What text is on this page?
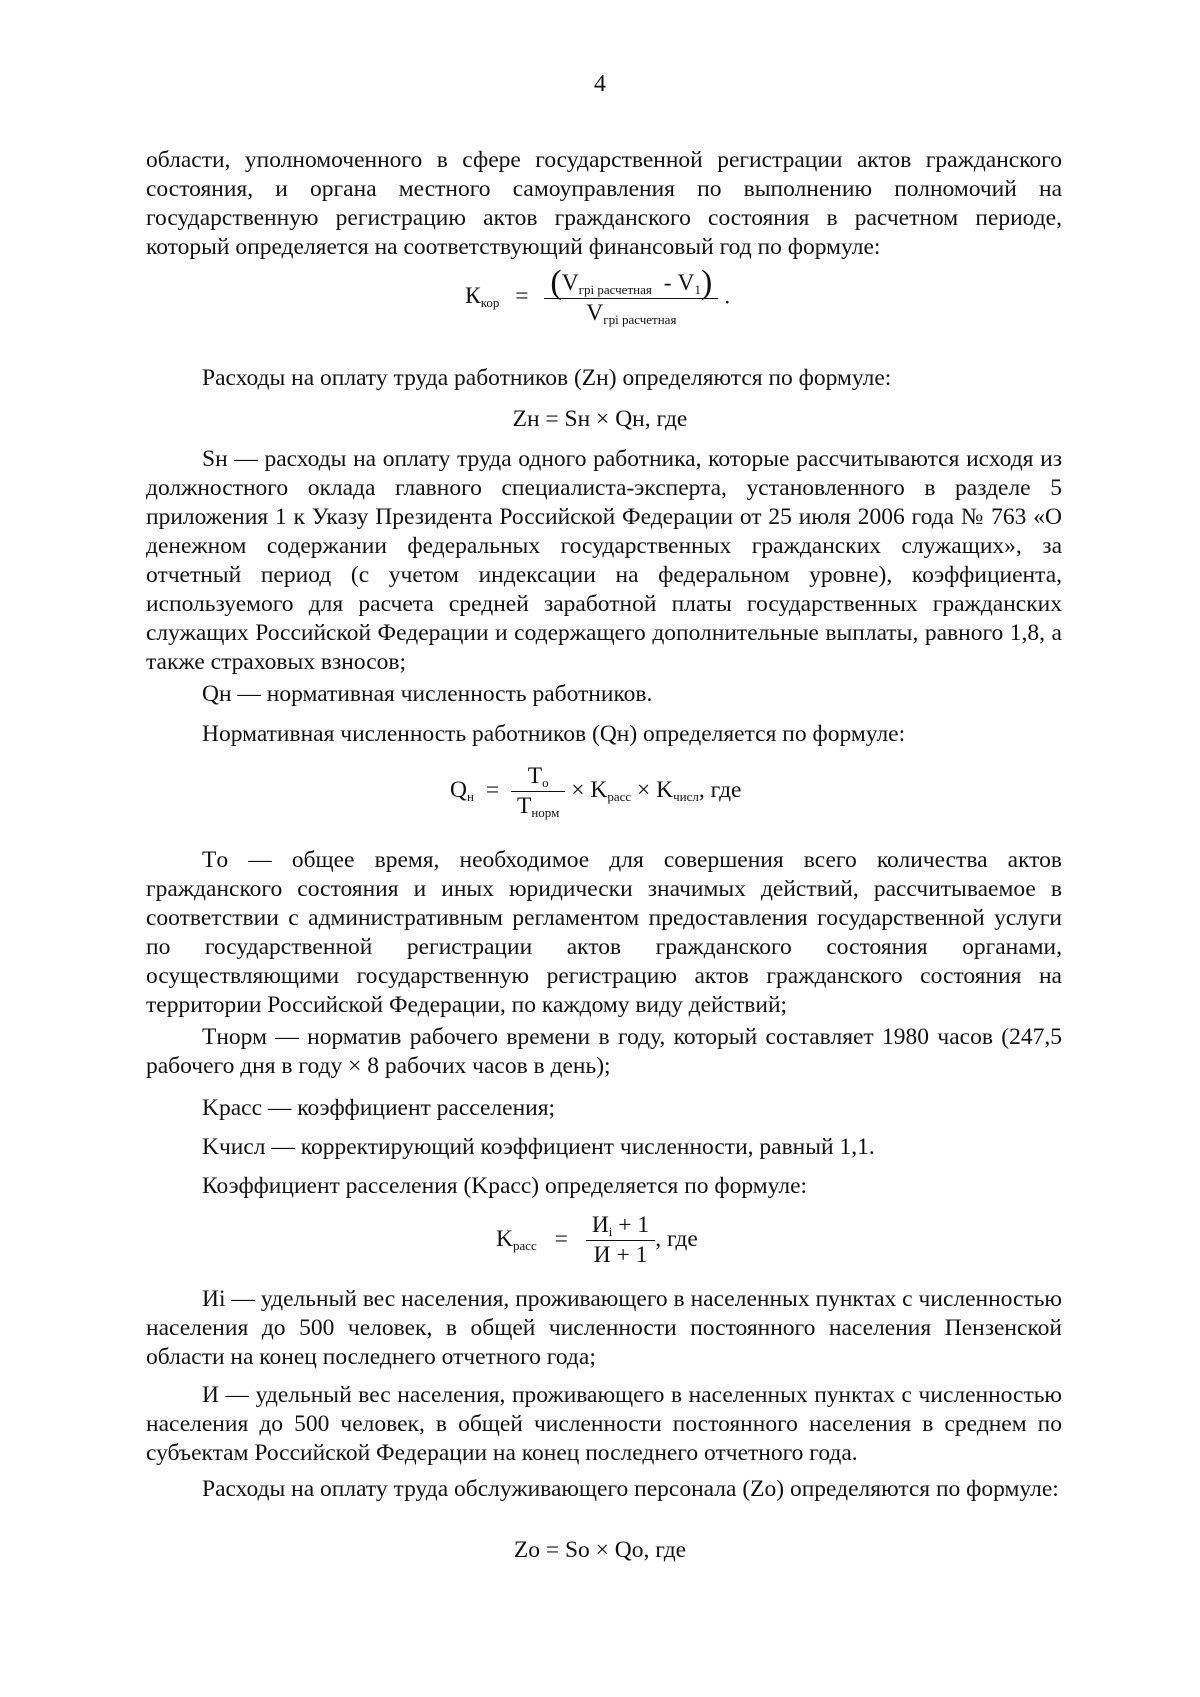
4
области, уполномоченного в сфере государственной регистрации актов гражданского состояния, и органа местного самоуправления по выполнению полномочий на государственную регистрацию актов гражданского состояния в расчетном периоде, который определяется на соответствующий финансовый год по формуле:
$К_{кор} = \frac{(V_{грi расчетная} - V_1)}{V_{грi расчетная}}$ .
Расходы на оплату труда работников (Zн) определяются по формуле:
Zн = Sн × Qн, где
Sн — расходы на оплату труда одного работника, которые рассчитываются исходя из должностного оклада главного специалиста-эксперта, установленного в разделе 5 приложения 1 к Указу Президента Российской Федерации от 25 июля 2006 года № 763 «О денежном содержании федеральных государственных гражданских служащих», за отчетный период (с учетом индексации на федеральном уровне), коэффициента, используемого для расчета средней заработной платы государственных гражданских служащих Российской Федерации и содержащего дополнительные выплаты, равного 1,8, а также страховых взносов;
Qн — нормативная численность работников.
Нормативная численность работников (Qн) определяется по формуле:
$Q_н = \frac{T_о}{T_{норм}} \times K_{расс} \times K_{числ}$, где
Tо — общее время, необходимое для совершения всего количества актов гражданского состояния и иных юридически значимых действий, рассчитываемое в соответствии с административным регламентом предоставления государственной услуги по государственной регистрации актов гражданского состояния органами, осуществляющими государственную регистрацию актов гражданского состояния на территории Российской Федерации, по каждому виду действий;
Tнорм — норматив рабочего времени в году, который составляет 1980 часов (247,5 рабочего дня в году × 8 рабочих часов в день);
Kрасс — коэффициент расселения;
Kчисл — корректирующий коэффициент численности, равный 1,1.
Коэффициент расселения (Kрасс) определяется по формуле:
$K_{расс} = \frac{И_i + 1}{И + 1}$ , где
Иi — удельный вес населения, проживающего в населенных пунктах с численностью населения до 500 человек, в общей численности постоянного населения Пензенской области на конец последнего отчетного года;
И — удельный вес населения, проживающего в населенных пунктах с численностью населения до 500 человек, в общей численности постоянного населения в среднем по субъектам Российской Федерации на конец последнего отчетного года.
Расходы на оплату труда обслуживающего персонала (Zо) определяются по формуле:
Zо = Sо × Qо, где
